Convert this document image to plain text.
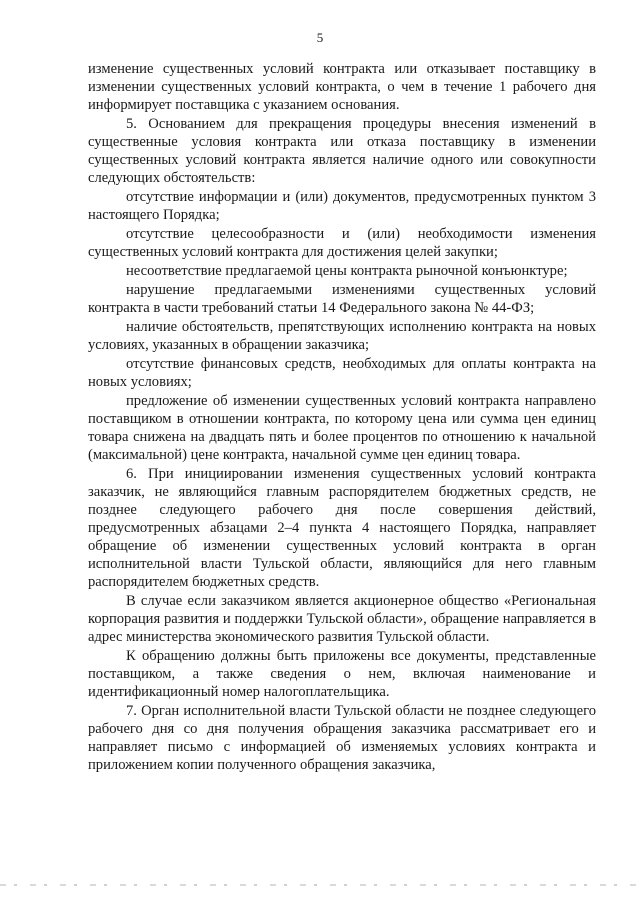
5

изменение существенных условий контракта или отказывает поставщику в изменении существенных условий контракта, о чем в течение 1 рабочего дня информирует поставщика с указанием основания.

5. Основанием для прекращения процедуры внесения изменений в существенные условия контракта или отказа поставщику в изменении существенных условий контракта является наличие одного или совокупности следующих обстоятельств:

отсутствие информации и (или) документов, предусмотренных пунктом 3 настоящего Порядка;

отсутствие целесообразности и (или) необходимости изменения существенных условий контракта для достижения целей закупки;

несоответствие предлагаемой цены контракта рыночной конъюнктуре;

нарушение предлагаемыми изменениями существенных условий контракта в части требований статьи 14 Федерального закона № 44-ФЗ;

наличие обстоятельств, препятствующих исполнению контракта на новых условиях, указанных в обращении заказчика;

отсутствие финансовых средств, необходимых для оплаты контракта на новых условиях;

предложение об изменении существенных условий контракта направлено поставщиком в отношении контракта, по которому цена или сумма цен единиц товара снижена на двадцать пять и более процентов по отношению к начальной (максимальной) цене контракта, начальной сумме цен единиц товара.

6. При инициировании изменения существенных условий контракта заказчик, не являющийся главным распорядителем бюджетных средств, не позднее следующего рабочего дня после совершения действий, предусмотренных абзацами 2–4 пункта 4 настоящего Порядка, направляет обращение об изменении существенных условий контракта в орган исполнительной власти Тульской области, являющийся для него главным распорядителем бюджетных средств.

В случае если заказчиком является акционерное общество «Региональная корпорация развития и поддержки Тульской области», обращение направляется в адрес министерства экономического развития Тульской области.

К обращению должны быть приложены все документы, представленные поставщиком, а также сведения о нем, включая наименование и идентификационный номер налогоплательщика.

7. Орган исполнительной власти Тульской области не позднее следующего рабочего дня со дня получения обращения заказчика рассматривает его и направляет письмо с информацией об изменяемых условиях контракта и приложением копии полученного обращения заказчика,
